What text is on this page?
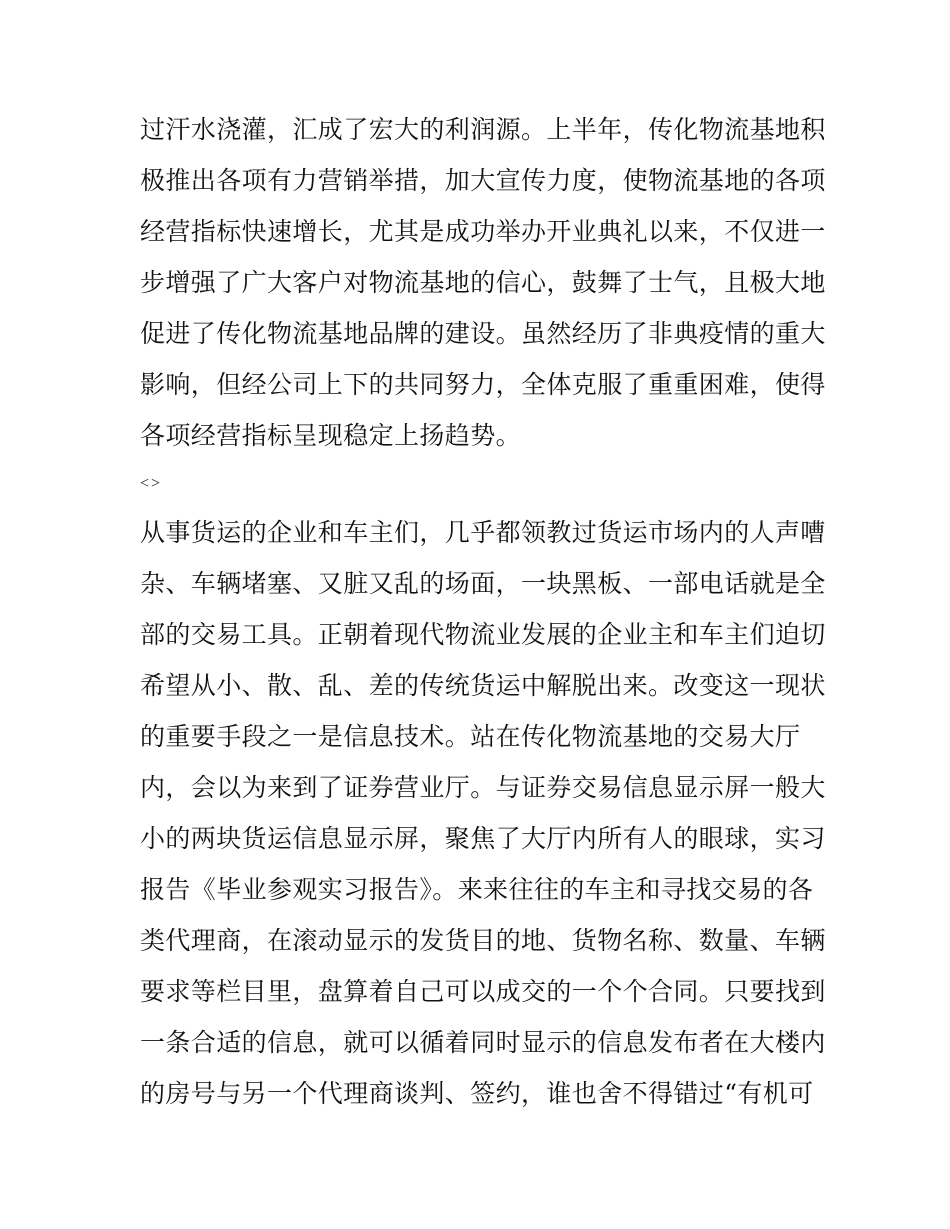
过汗水浇灌，汇成了宏大的利润源。上半年，传化物流基地积
极推出各项有力营销举措，加大宣传力度，使物流基地的各项
经营指标快速增长，尤其是成功举办开业典礼以来，不仅进一
步增强了广大客户对物流基地的信心，鼓舞了士气，且极大地
促进了传化物流基地品牌的建设。虽然经历了非典疫情的重大
影响，但经公司上下的共同努力，全体克服了重重困难，使得
各项经营指标呈现稳定上扬趋势。
<>
从事货运的企业和车主们，几乎都领教过货运市场内的人声嘈
杂、车辆堵塞、又脏又乱的场面，一块黑板、一部电话就是全
部的交易工具。正朝着现代物流业发展的企业主和车主们迫切
希望从小、散、乱、差的传统货运中解脱出来。改变这一现状
的重要手段之一是信息技术。站在传化物流基地的交易大厅
内，会以为来到了证券营业厅。与证券交易信息显示屏一般大
小的两块货运信息显示屏，聚焦了大厅内所有人的眼球，实习
报告《毕业参观实习报告》。来来往往的车主和寻找交易的各
类代理商，在滚动显示的发货目的地、货物名称、数量、车辆
要求等栏目里，盘算着自己可以成交的一个个合同。只要找到
一条合适的信息，就可以循着同时显示的信息发布者在大楼内
的房号与另一个代理商谈判、签约，谁也舍不得错过“有机可
